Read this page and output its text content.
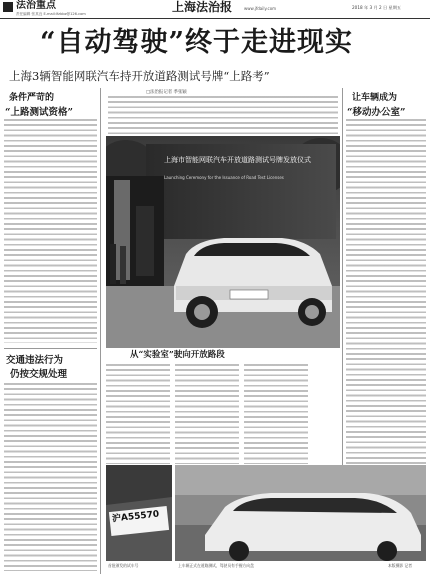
法治重点
责任编辑 张其良 E-mail:lfzbbz@126.com	上海法治报	www.jfdaily.com	2018 年 3 月 2 日 星期五
“自动驾驶”终于走进现实
上海3辆智能网联汽车持开放道路测试号牌“上路考”
条件严苛的
“上路测试资格”
交通违法行为
仍按交规处理
□法治报记者 季张颖
上海市智能网联汽车开放道路测试号牌发放仪式
Launching Ceremony for the Issuance of Road Test Licenses
从“实验室”驶向开放路段
让车辆成为
“移动办公室”
沪A55570
首批颁发的试车号	上车辆正式在道路测试，驾驶员有手握方向盘	本版摄影 记者
